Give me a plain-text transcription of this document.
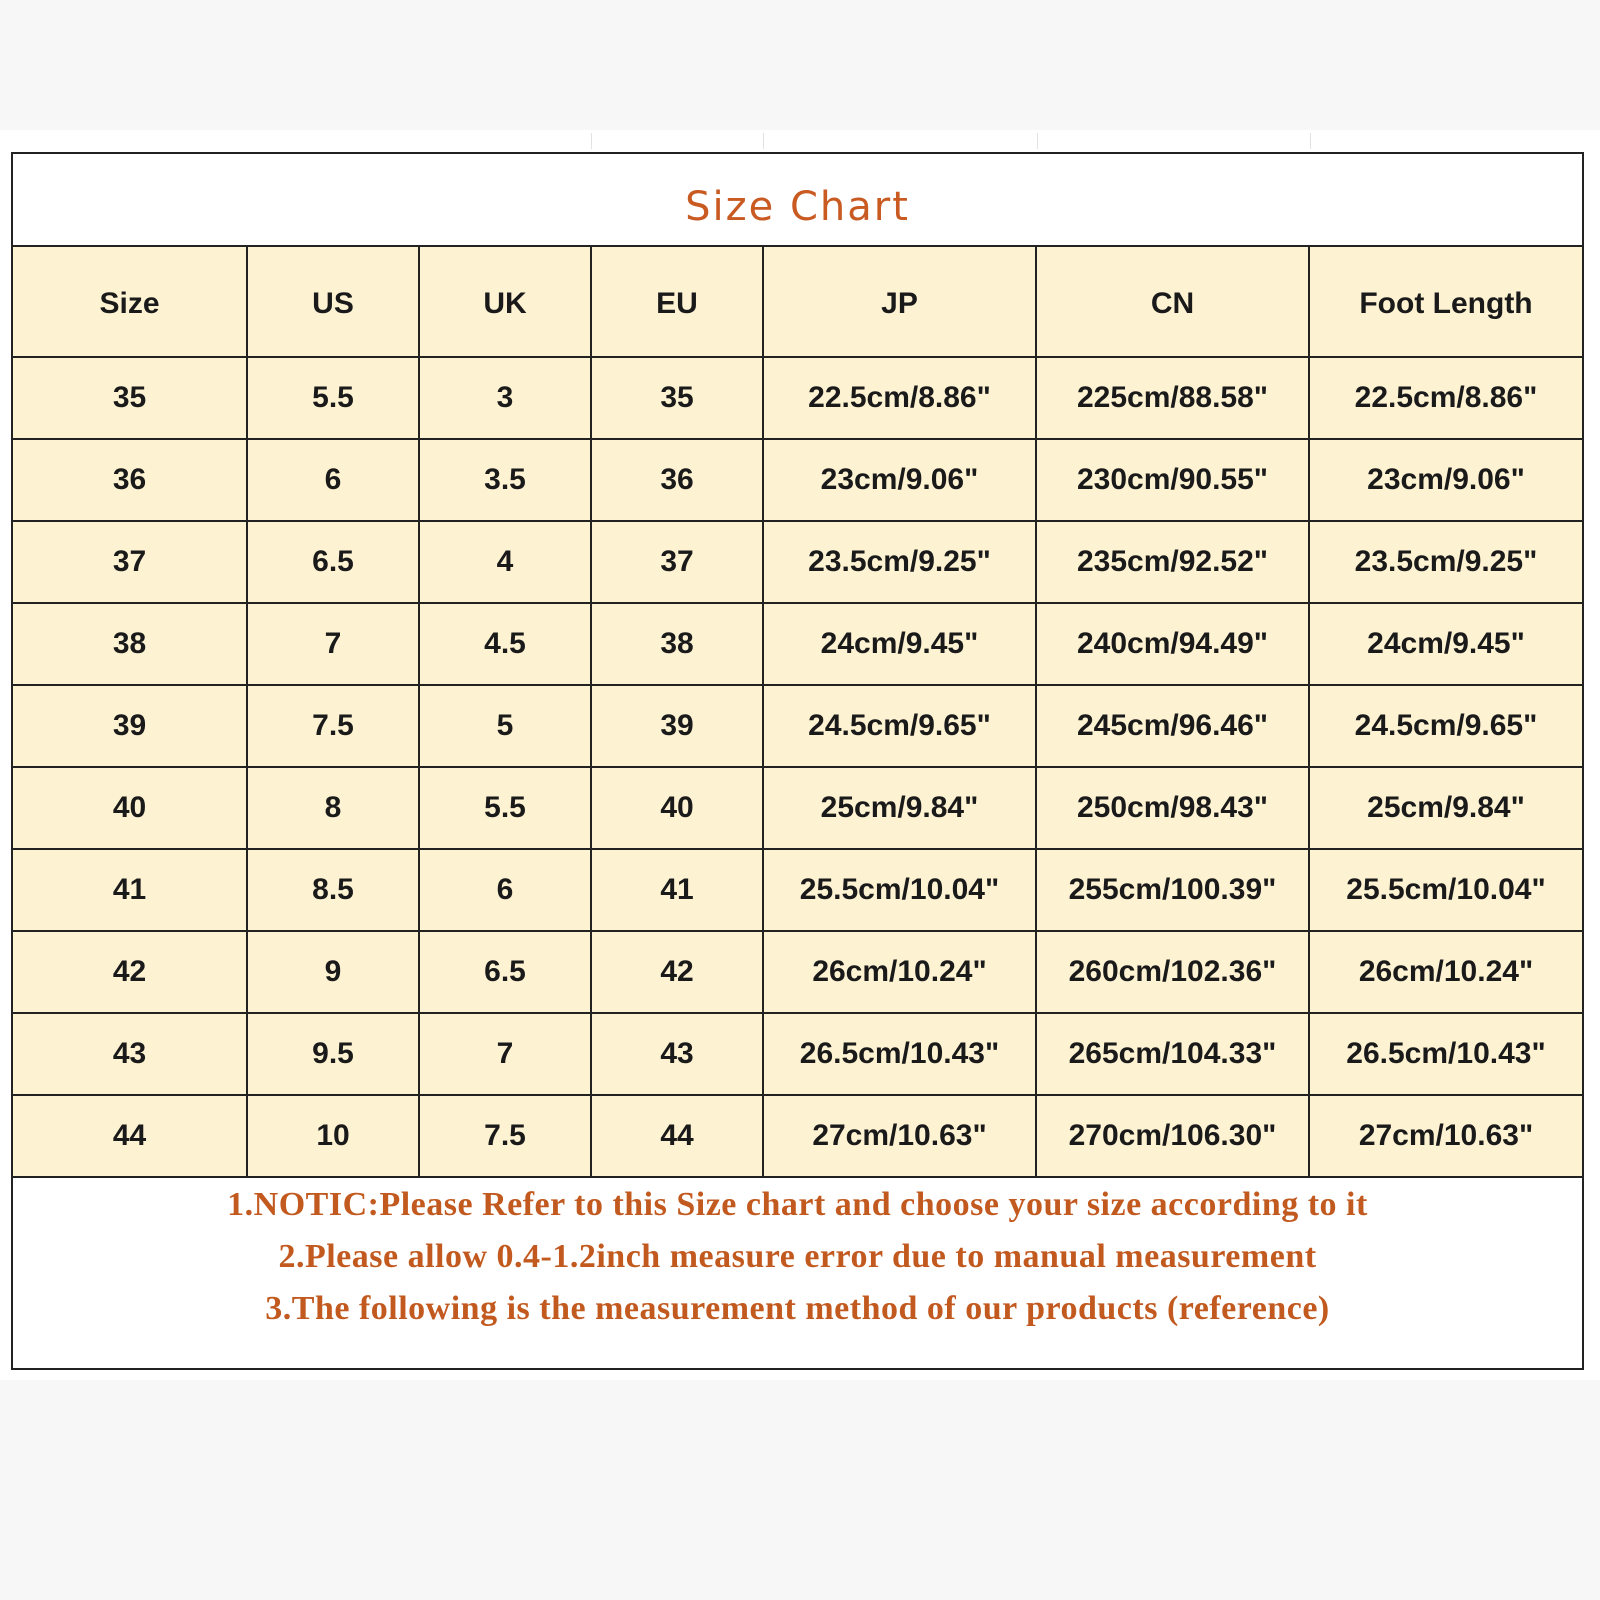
Size Chart
Size	US	UK	EU	JP	CN	Foot Length
35	5.5	3	35	22.5cm/8.86"	225cm/88.58"	22.5cm/8.86"
36	6	3.5	36	23cm/9.06"	230cm/90.55"	23cm/9.06"
37	6.5	4	37	23.5cm/9.25"	235cm/92.52"	23.5cm/9.25"
38	7	4.5	38	24cm/9.45"	240cm/94.49"	24cm/9.45"
39	7.5	5	39	24.5cm/9.65"	245cm/96.46"	24.5cm/9.65"
40	8	5.5	40	25cm/9.84"	250cm/98.43"	25cm/9.84"
41	8.5	6	41	25.5cm/10.04"	255cm/100.39"	25.5cm/10.04"
42	9	6.5	42	26cm/10.24"	260cm/102.36"	26cm/10.24"
43	9.5	7	43	26.5cm/10.43"	265cm/104.33"	26.5cm/10.43"
44	10	7.5	44	27cm/10.63"	270cm/106.30"	27cm/10.63"
1.NOTIC:Please Refer to this Size chart and choose your size according to it
2.Please allow 0.4-1.2inch measure error due to manual measurement
3.The following is the measurement method of our products (reference)
